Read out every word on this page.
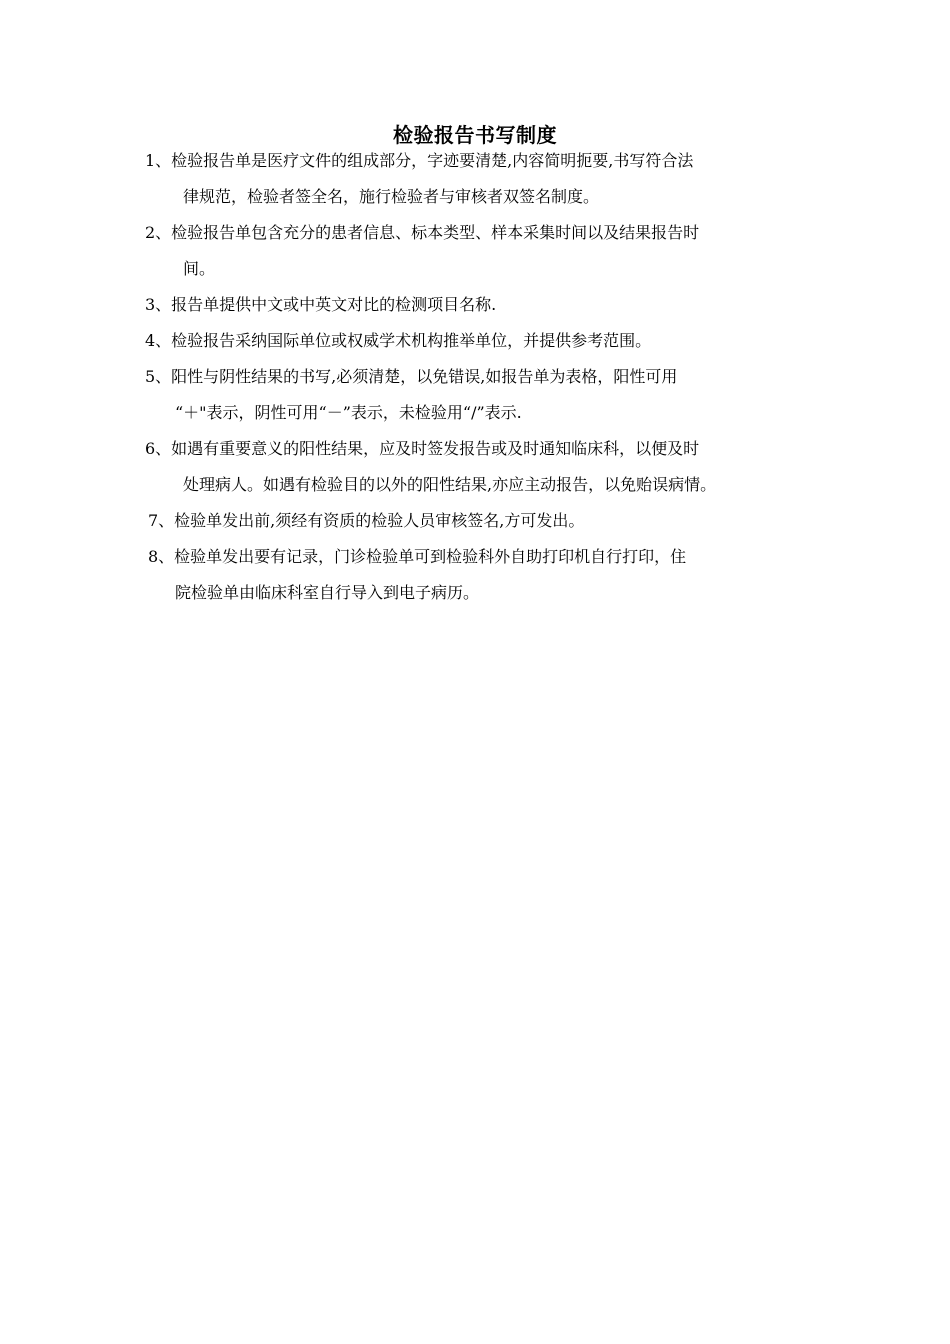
检验报告书写制度
1、检验报告单是医疗文件的组成部分，字迹要清楚,内容简明扼要,书写符合法
律规范，检验者签全名，施行检验者与审核者双签名制度。
2、检验报告单包含充分的患者信息、标本类型、样本采集时间以及结果报告时
间。
3、报告单提供中文或中英文对比的检测项目名称.
4、检验报告采纳国际单位或权威学术机构推举单位，并提供参考范围。
5、阳性与阴性结果的书写,必须清楚，以免错误,如报告单为表格，阳性可用
“＋"表示，阴性可用“－”表示，未检验用“/”表示.
6、如遇有重要意义的阳性结果，应及时签发报告或及时通知临床科，以便及时
处理病人。如遇有检验目的以外的阳性结果,亦应主动报告，以免贻误病情。
7、检验单发出前,须经有资质的检验人员审核签名,方可发出。
8、检验单发出要有记录，门诊检验单可到检验科外自助打印机自行打印，住
院检验单由临床科室自行导入到电子病历。
